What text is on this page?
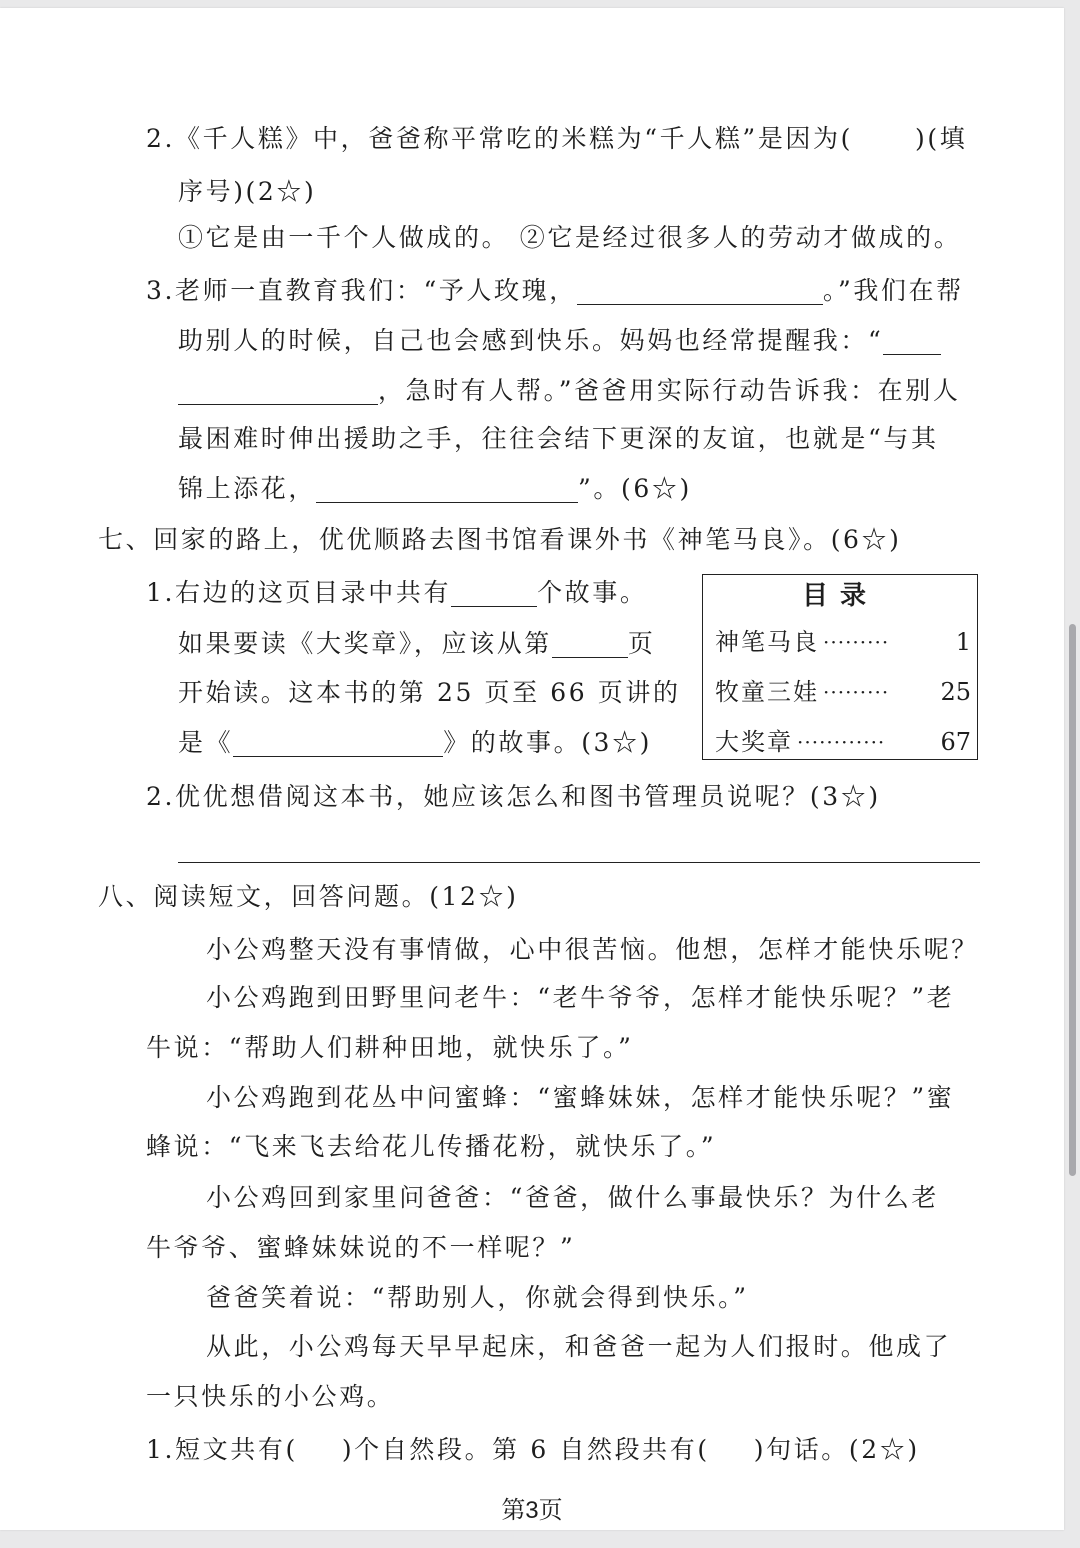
2.《千人糕》中，爸爸称平常吃的米糕为“千人糕”是因为( )(填
序号)(2☆)
①它是由一千个人做成的。 ②它是经过很多人的劳动才做成的。
3.老师一直教育我们：“予人玫瑰，	。”我们在帮
助别人的时候，自己也会感到快乐。妈妈也经常提醒我：“
，急时有人帮。”爸爸用实际行动告诉我：在别人
最困难时伸出援助之手，往往会结下更深的友谊，也就是“与其
锦上添花，	”。(6☆)
七、回家的路上，优优顺路去图书馆看课外书《神笔马良》。(6☆)
1.右边的这页目录中共有	个故事。
如果要读《大奖章》，应该从第	页
开始读。这本书的第 25 页至 66 页讲的
是《	》的故事。(3☆)
目录
神笔马良 ·········	1
牧童三娃 ·········	25
大奖章 ············	67
2.优优想借阅这本书，她应该怎么和图书管理员说呢？(3☆)
八、阅读短文，回答问题。(12☆)
小公鸡整天没有事情做，心中很苦恼。他想，怎样才能快乐呢？
小公鸡跑到田野里问老牛：“老牛爷爷，怎样才能快乐呢？”老
牛说：“帮助人们耕种田地，就快乐了。”
小公鸡跑到花丛中问蜜蜂：“蜜蜂妹妹，怎样才能快乐呢？”蜜
蜂说：“飞来飞去给花儿传播花粉，就快乐了。”
小公鸡回到家里问爸爸：“爸爸，做什么事最快乐？为什么老
牛爷爷、蜜蜂妹妹说的不一样呢？”
爸爸笑着说：“帮助别人，你就会得到快乐。”
从此，小公鸡每天早早起床，和爸爸一起为人们报时。他成了
一只快乐的小公鸡。
1.短文共有( )个自然段。第 6 自然段共有( )句话。(2☆)
第3页
